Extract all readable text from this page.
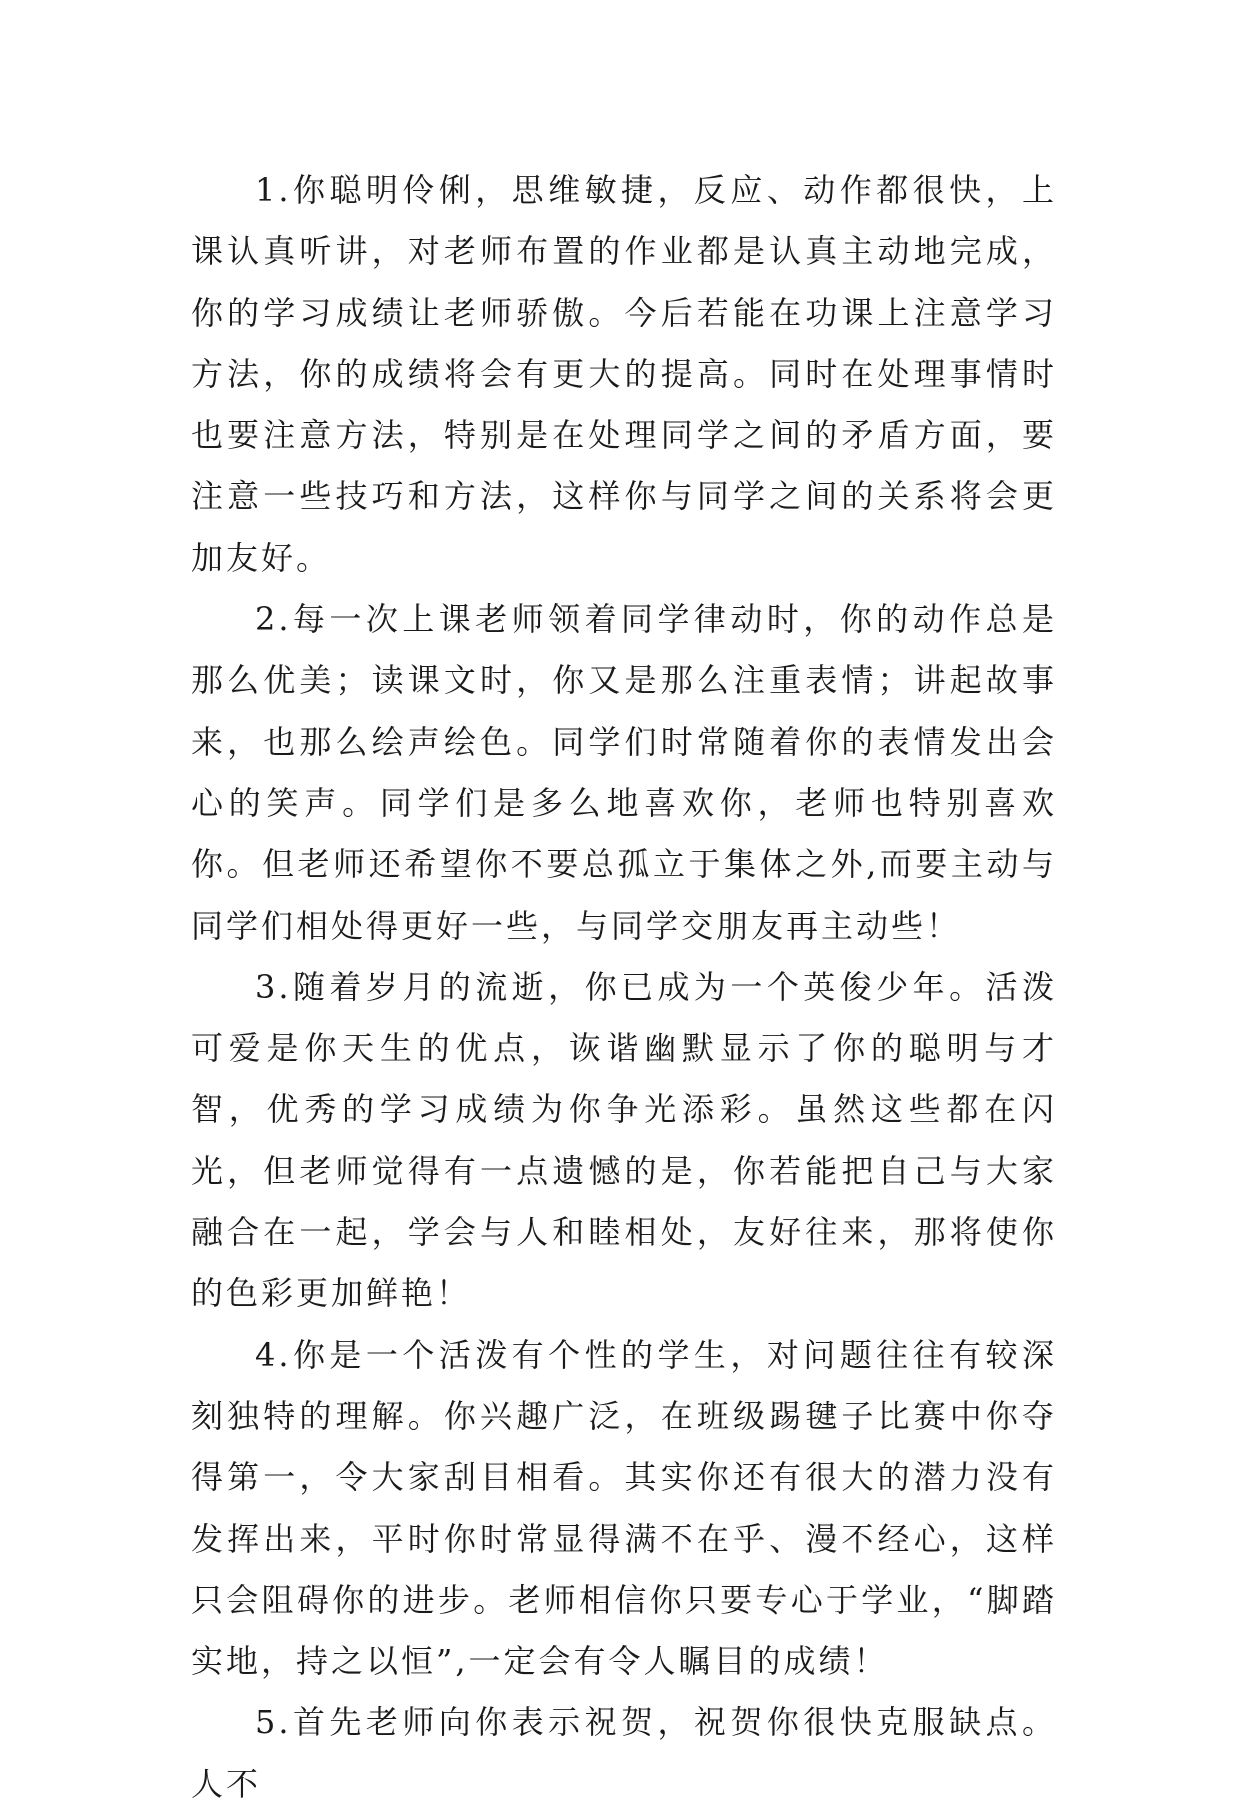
1.你聪明伶俐，思维敏捷，反应、动作都很快，上课认真听讲，对老师布置的作业都是认真主动地完成，你的学习成绩让老师骄傲。今后若能在功课上注意学习方法，你的成绩将会有更大的提高。同时在处理事情时也要注意方法，特别是在处理同学之间的矛盾方面，要注意一些技巧和方法，这样你与同学之间的关系将会更加友好。

2.每一次上课老师领着同学律动时，你的动作总是那么优美；读课文时，你又是那么注重表情；讲起故事来，也那么绘声绘色。同学们时常随着你的表情发出会心的笑声。同学们是多么地喜欢你，老师也特别喜欢你。但老师还希望你不要总孤立于集体之外,而要主动与同学们相处得更好一些，与同学交朋友再主动些！

3.随着岁月的流逝，你已成为一个英俊少年。活泼可爱是你天生的优点，诙谐幽默显示了你的聪明与才智，优秀的学习成绩为你争光添彩。虽然这些都在闪光，但老师觉得有一点遗憾的是，你若能把自己与大家融合在一起，学会与人和睦相处，友好往来，那将使你的色彩更加鲜艳！

4.你是一个活泼有个性的学生，对问题往往有较深刻独特的理解。你兴趣广泛，在班级踢毽子比赛中你夺得第一，令大家刮目相看。其实你还有很大的潜力没有发挥出来，平时你时常显得满不在乎、漫不经心，这样只会阻碍你的进步。老师相信你只要专心于学业，“脚踏实地，持之以恒”,一定会有令人瞩目的成绩！

5.首先老师向你表示祝贺，祝贺你很快克服缺点。人不
